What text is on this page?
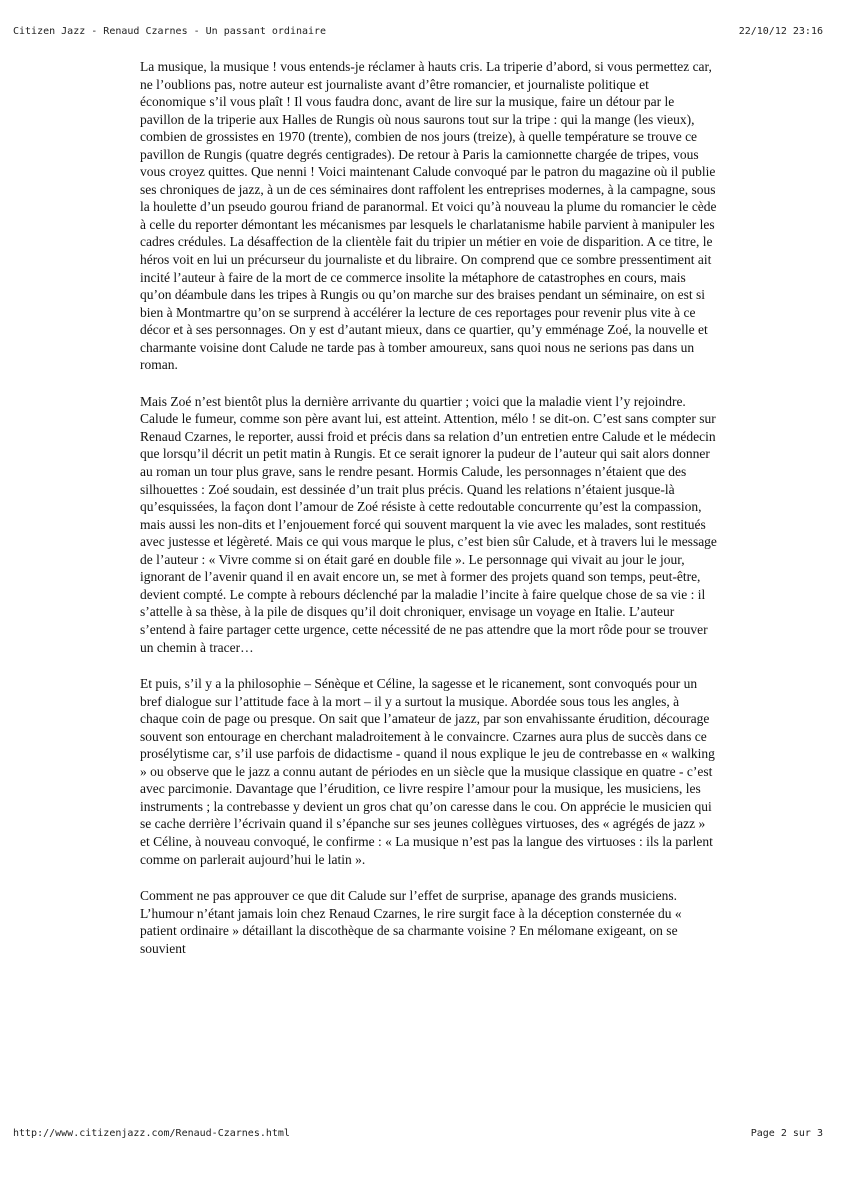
Citizen Jazz - Renaud Czarnes - Un passant ordinaire	22/10/12 23:16

La musique, la musique ! vous entends-je réclamer à hauts cris. La triperie d’abord, si vous permettez car, ne l’oublions pas, notre auteur est journaliste avant d’être romancier, et journaliste politique et économique s’il vous plaît ! Il vous faudra donc, avant de lire sur la musique, faire un détour par le pavillon de la triperie aux Halles de Rungis où nous saurons tout sur la tripe : qui la mange (les vieux), combien de grossistes en 1970 (trente), combien de nos jours (treize), à quelle température se trouve ce pavillon de Rungis (quatre degrés centigrades). De retour à Paris la camionnette chargée de tripes, vous vous croyez quittes. Que nenni ! Voici maintenant Calude convoqué par le patron du magazine où il publie ses chroniques de jazz, à un de ces séminaires dont raffolent les entreprises modernes, à la campagne, sous la houlette d’un pseudo gourou friand de paranormal. Et voici qu’à nouveau la plume du romancier le cède à celle du reporter démontant les mécanismes par lesquels le charlatanisme habile parvient à manipuler les cadres crédules. La désaffection de la clientèle fait du tripier un métier en voie de disparition. A ce titre, le héros voit en lui un précurseur du journaliste et du libraire. On comprend que ce sombre pressentiment ait incité l’auteur à faire de la mort de ce commerce insolite la métaphore de catastrophes en cours, mais qu’on déambule dans les tripes à Rungis ou qu’on marche sur des braises pendant un séminaire, on est si bien à Montmartre qu’on se surprend à accélérer la lecture de ces reportages pour revenir plus vite à ce décor et à ses personnages. On y est d’autant mieux, dans ce quartier, qu’y emménage Zoé, la nouvelle et charmante voisine dont Calude ne tarde pas à tomber amoureux, sans quoi nous ne serions pas dans un roman.

Mais Zoé n’est bientôt plus la dernière arrivante du quartier ; voici que la maladie vient l’y rejoindre. Calude le fumeur, comme son père avant lui, est atteint. Attention, mélo ! se dit-on. C’est sans compter sur Renaud Czarnes, le reporter, aussi froid et précis dans sa relation d’un entretien entre Calude et le médecin que lorsqu’il décrit un petit matin à Rungis. Et ce serait ignorer la pudeur de l’auteur qui sait alors donner au roman un tour plus grave, sans le rendre pesant. Hormis Calude, les personnages n’étaient que des silhouettes : Zoé soudain, est dessinée d’un trait plus précis. Quand les relations n’étaient jusque-là qu’esquissées, la façon dont l’amour de Zoé résiste à cette redoutable concurrente qu’est la compassion, mais aussi les non-dits et l’enjouement forcé qui souvent marquent la vie avec les malades, sont restitués avec justesse et légèreté. Mais ce qui vous marque le plus, c’est bien sûr Calude, et à travers lui le message de l’auteur : « Vivre comme si on était garé en double file ». Le personnage qui vivait au jour le jour, ignorant de l’avenir quand il en avait encore un, se met à former des projets quand son temps, peut-être, devient compté. Le compte à rebours déclenché par la maladie l’incite à faire quelque chose de sa vie : il s’attelle à sa thèse, à la pile de disques qu’il doit chroniquer, envisage un voyage en Italie. L’auteur s’entend à faire partager cette urgence, cette nécessité de ne pas attendre que la mort rôde pour se trouver un chemin à tracer…

Et puis, s’il y a la philosophie – Sénèque et Céline, la sagesse et le ricanement, sont convoqués pour un bref dialogue sur l’attitude face à la mort – il y a surtout la musique. Abordée sous tous les angles, à chaque coin de page ou presque. On sait que l’amateur de jazz, par son envahissante érudition, décourage souvent son entourage en cherchant maladroitement à le convaincre. Czarnes aura plus de succès dans ce prosélytisme car, s’il use parfois de didactisme - quand il nous explique le jeu de contrebasse en « walking » ou observe que le jazz a connu autant de périodes en un siècle que la musique classique en quatre - c’est avec parcimonie. Davantage que l’érudition, ce livre respire l’amour pour la musique, les musiciens, les instruments ; la contrebasse y devient un gros chat qu’on caresse dans le cou. On apprécie le musicien qui se cache derrière l’écrivain quand il s’épanche sur ses jeunes collègues virtuoses, des « agrégés de jazz » et Céline, à nouveau convoqué, le confirme : « La musique n’est pas la langue des virtuoses : ils la parlent comme on parlerait aujourd’hui le latin ».

Comment ne pas approuver ce que dit Calude sur l’effet de surprise, apanage des grands musiciens. L’humour n’étant jamais loin chez Renaud Czarnes, le rire surgit face à la déception consternée du « patient ordinaire » détaillant la discothèque de sa charmante voisine ? En mélomane exigeant, on se souvient

http://www.citizenjazz.com/Renaud-Czarnes.html	Page 2 sur 3
